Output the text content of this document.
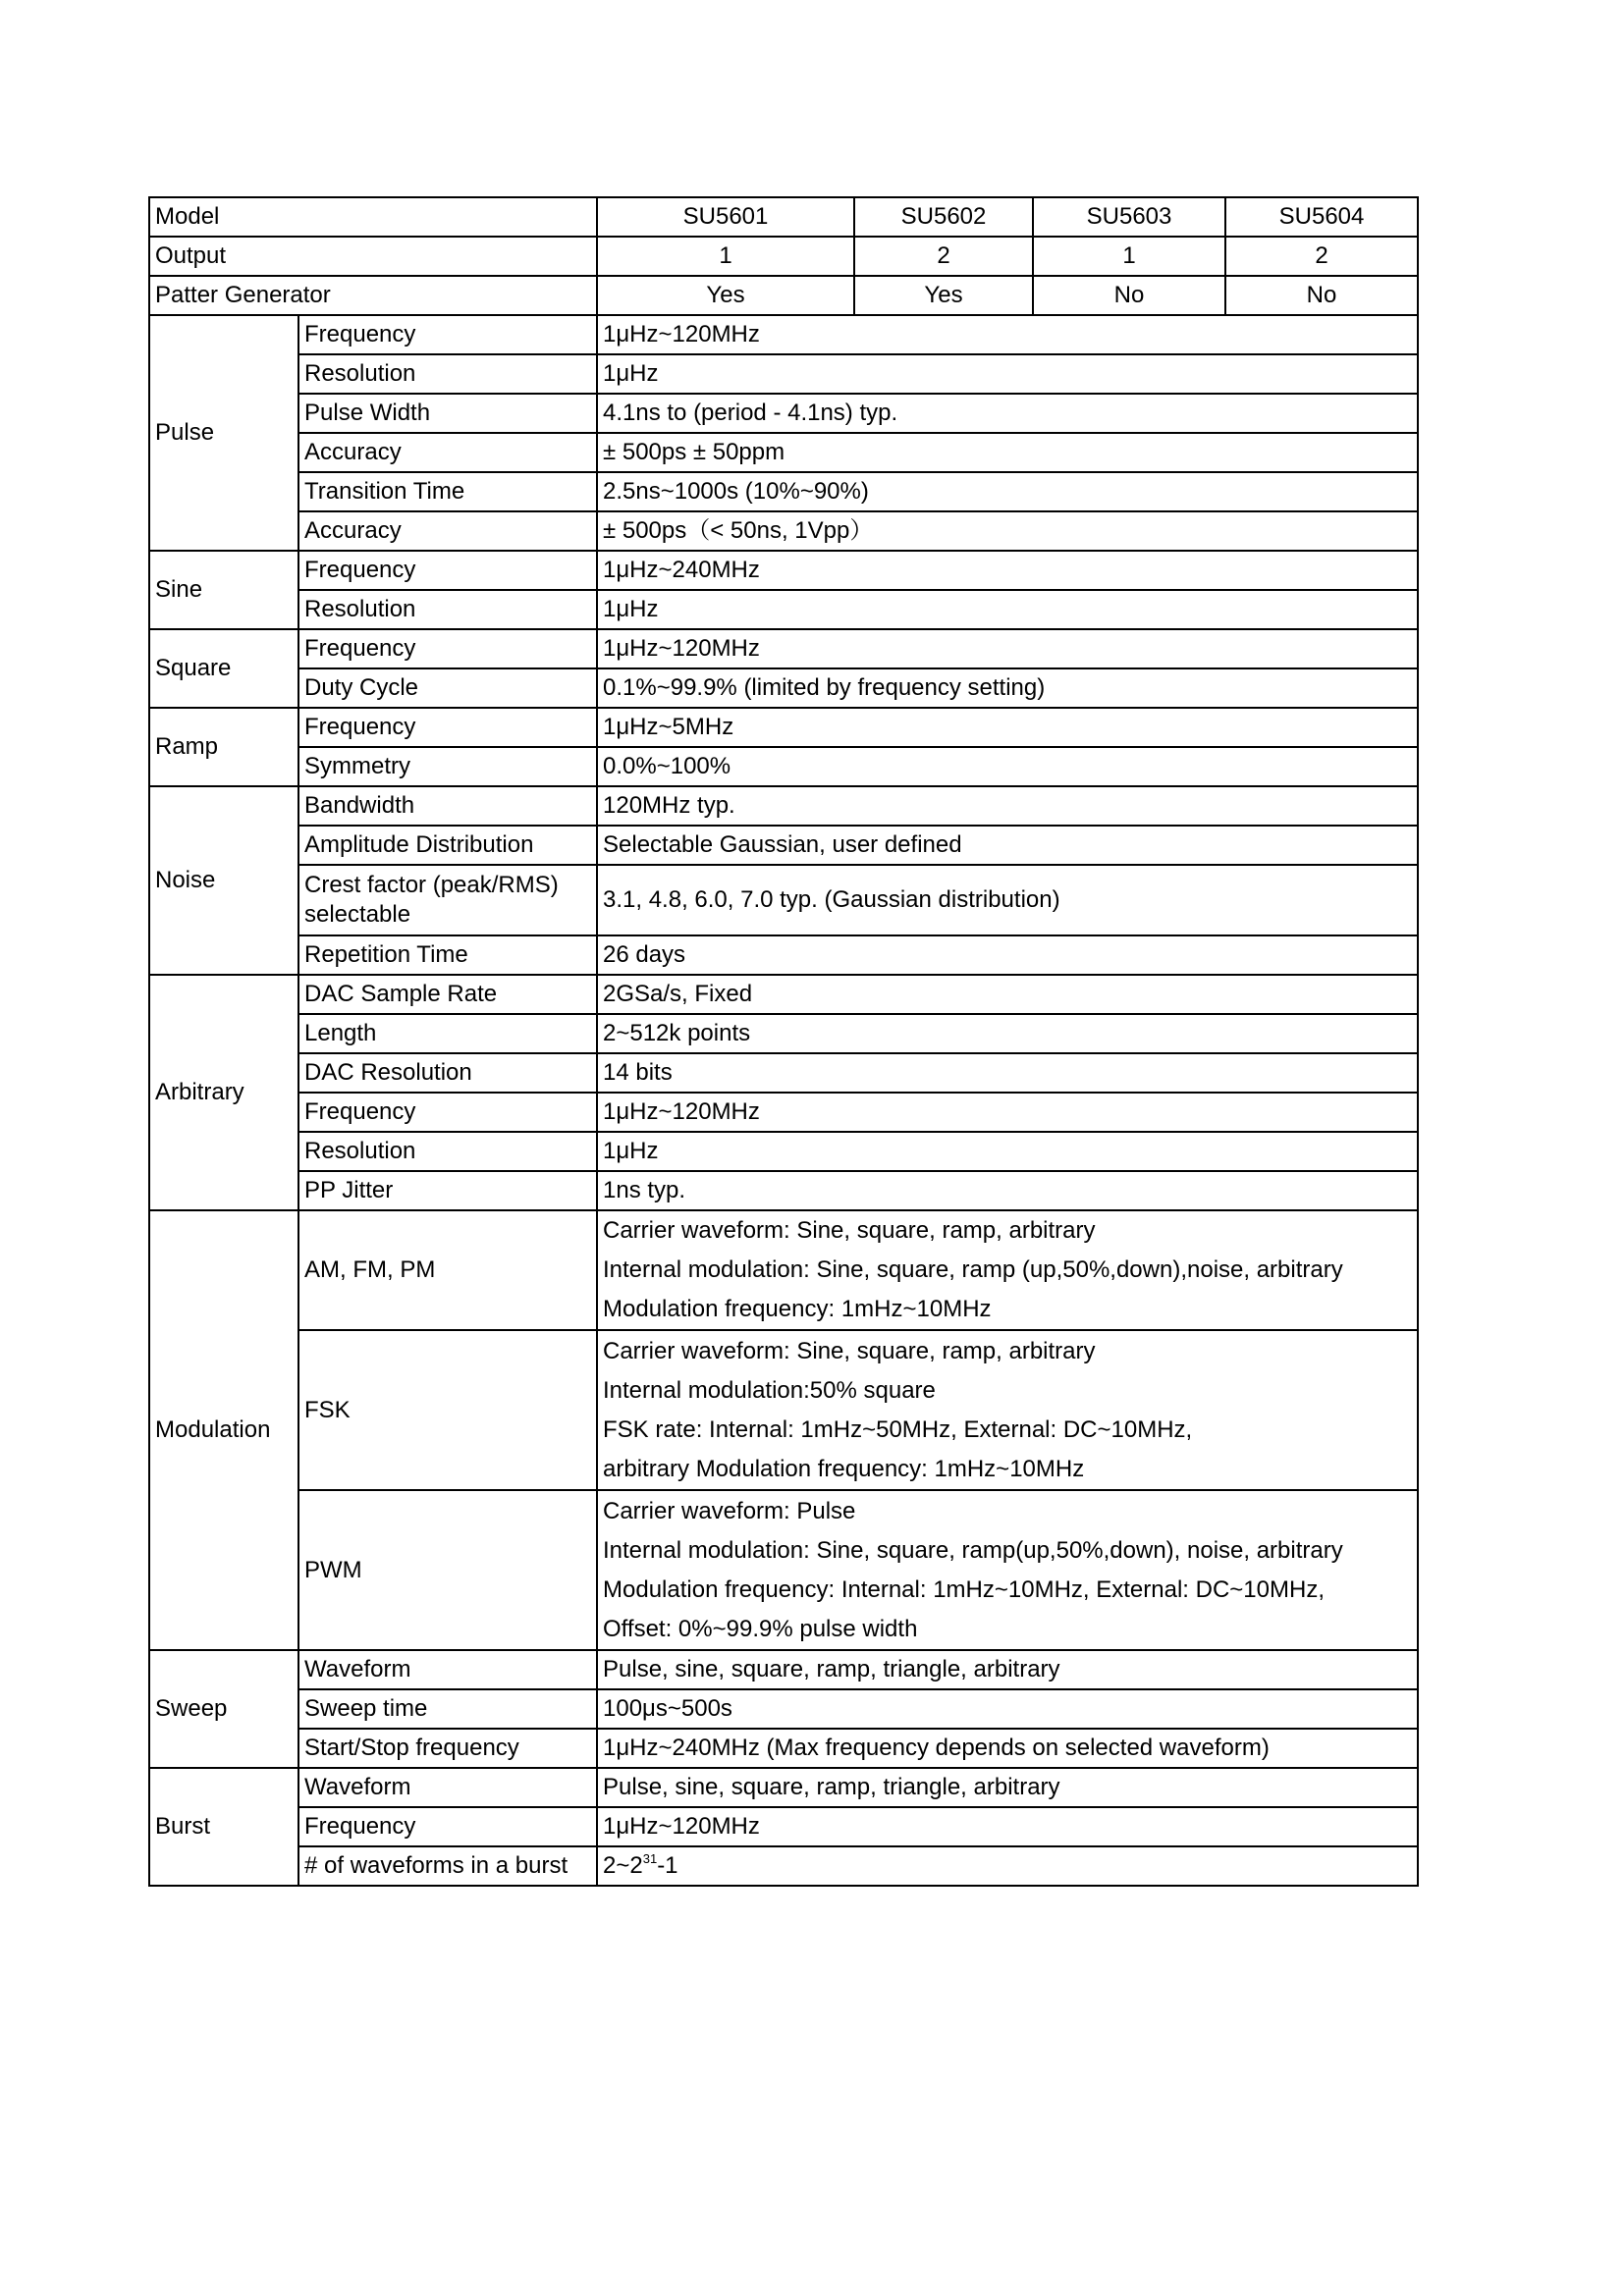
Model		SU5601	SU5602	SU5603	SU5604
Output		1	2	1	2
Patter Generator		Yes	Yes	No	No
Pulse	Frequency	1μHz~120MHz			
	Resolution	1μHz			
	Pulse Width	4.1ns to (period - 4.1ns) typ.			
	Accuracy	± 500ps ± 50ppm			
	Transition Time	2.5ns~1000s (10%~90%)			
	Accuracy	± 500ps（< 50ns, 1Vpp）			
Sine	Frequency	1μHz~240MHz			
	Resolution	1μHz			
Square	Frequency	1μHz~120MHz			
	Duty Cycle	0.1%~99.9% (limited by frequency setting)			
Ramp	Frequency	1μHz~5MHz			
	Symmetry	0.0%~100%			
Noise	Bandwidth	120MHz typ.			
	Amplitude Distribution	Selectable Gaussian, user defined			
	Crest factor (peak/RMS) selectable	3.1, 4.8, 6.0, 7.0 typ. (Gaussian distribution)			
	Repetition Time	26 days			
Arbitrary	DAC Sample Rate	2GSa/s, Fixed			
	Length	2~512k points			
	DAC Resolution	14 bits			
	Frequency	1μHz~120MHz			
	Resolution	1μHz			
	PP Jitter	1ns typ.			
Modulation	AM, FM, PM	Carrier waveform: Sine, square, ramp, arbitrary
Internal modulation: Sine, square, ramp (up,50%,down),noise, arbitrary
Modulation frequency: 1mHz~10MHz			

	FSK	Carrier waveform: Sine, square, ramp, arbitrary
Internal modulation:50% square
FSK rate: Internal: 1mHz~50MHz, External: DC~10MHz,
arbitrary Modulation frequency: 1mHz~10MHz			

	PWM	Carrier waveform: Pulse
Internal modulation: Sine, square, ramp(up,50%,down), noise, arbitrary
Modulation frequency: Internal: 1mHz~10MHz, External: DC~10MHz,
Offset: 0%~99.9% pulse width			

Sweep	Waveform	Pulse, sine, square, ramp, triangle, arbitrary			
	Sweep time	100μs~500s			
	Start/Stop frequency	1μHz~240MHz (Max frequency depends on selected waveform)			
Burst	Waveform	Pulse, sine, square, ramp, triangle, arbitrary			
	Frequency	1μHz~120MHz			
	# of waveforms in a burst	$2\sim 2^{31}-1$			
